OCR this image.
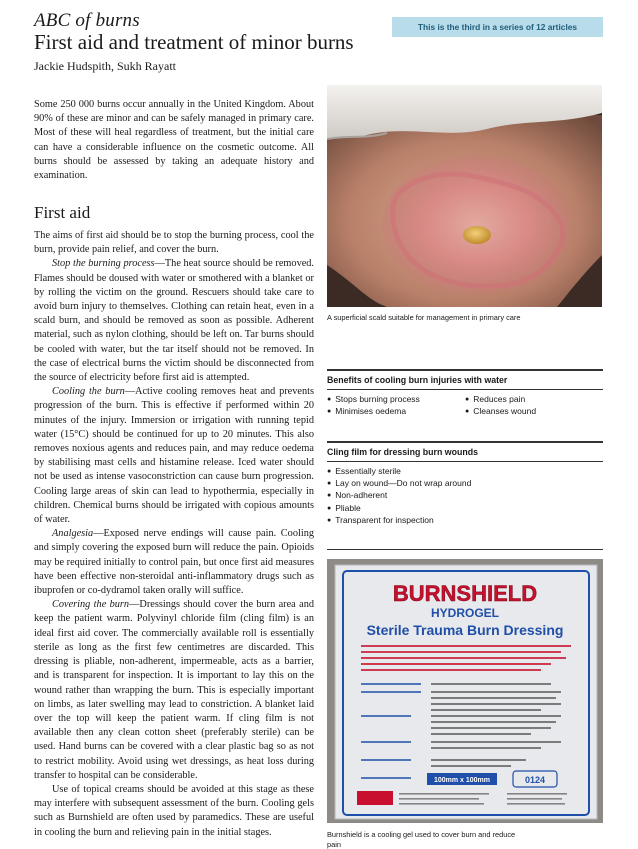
ABC of burns
First aid and treatment of minor burns
Jackie Hudspith, Sukh Rayatt
This is the third in a series of 12 articles

Some 250 000 burns occur annually in the United Kingdom. About 90% of these are minor and can be safely managed in primary care. Most of these will heal regardless of treatment, but the initial care can have a considerable influence on the cosmetic outcome. All burns should be assessed by taking an adequate history and examination.

First aid

The aims of first aid should be to stop the burning process, cool the burn, provide pain relief, and cover the burn.

Stop the burning process—The heat source should be removed. Flames should be doused with water or smothered with a blanket or by rolling the victim on the ground. Rescuers should take care to avoid burn injury to themselves. Clothing can retain heat, even in a scald burn, and should be removed as soon as possible. Adherent material, such as nylon clothing, should be left on. Tar burns should be cooled with water, but the tar itself should not be removed. In the case of electrical burns the victim should be disconnected from the source of electricity before first aid is attempted.

Cooling the burn—Active cooling removes heat and prevents progression of the burn. This is effective if performed within 20 minutes of the injury. Immersion or irrigation with running tepid water (15°C) should be continued for up to 20 minutes. This also removes noxious agents and reduces pain, and may reduce oedema by stabilising mast cells and histamine release. Iced water should not be used as intense vasoconstriction can cause burn progression. Cooling large areas of skin can lead to hypothermia, especially in children. Chemical burns should be irrigated with copious amounts of water.

Analgesia—Exposed nerve endings will cause pain. Cooling and simply covering the exposed burn will reduce the pain. Opioids may be required initially to control pain, but once first aid measures have been effective non-steroidal anti-inflammatory drugs such as ibuprofen or co-dydramol taken orally will suffice.

Covering the burn—Dressings should cover the burn area and keep the patient warm. Polyvinyl chloride film (cling film) is an ideal first aid cover. The commercially available roll is essentially sterile as long as the first few centimetres are discarded. This dressing is pliable, non-adherent, impermeable, acts as a barrier, and is transparent for inspection. It is important to lay this on the wound rather than wrapping the burn. This is especially important on limbs, as later swelling may lead to constriction. A blanket laid over the top will keep the patient warm. If cling film is not available then any clean cotton sheet (preferably sterile) can be used. Hand burns can be covered with a clear plastic bag so as not to restrict mobility. Avoid using wet dressings, as heat loss during transfer to hospital can be considerable.

Use of topical creams should be avoided at this stage as these may interfere with subsequent assessment of the burn. Cooling gels such as Burnshield are often used by paramedics. These are useful in cooling the burn and relieving pain in the initial stages.

A superficial scald suitable for management in primary care
Benefits of cooling burn injuries with water
● Stops burning process	● Reduces pain
● Minimises oedema	● Cleanses wound
Cling film for dressing burn wounds
● Essentially sterile
● Lay on wound—Do not wrap around
● Non-adherent
● Pliable
● Transparent for inspection
BURNSHIELD
HYDROGEL
Sterile Trauma Burn Dressing
100mm x 100mm	0124
Burnshield is a cooling gel used to cover burn and reduce pain
